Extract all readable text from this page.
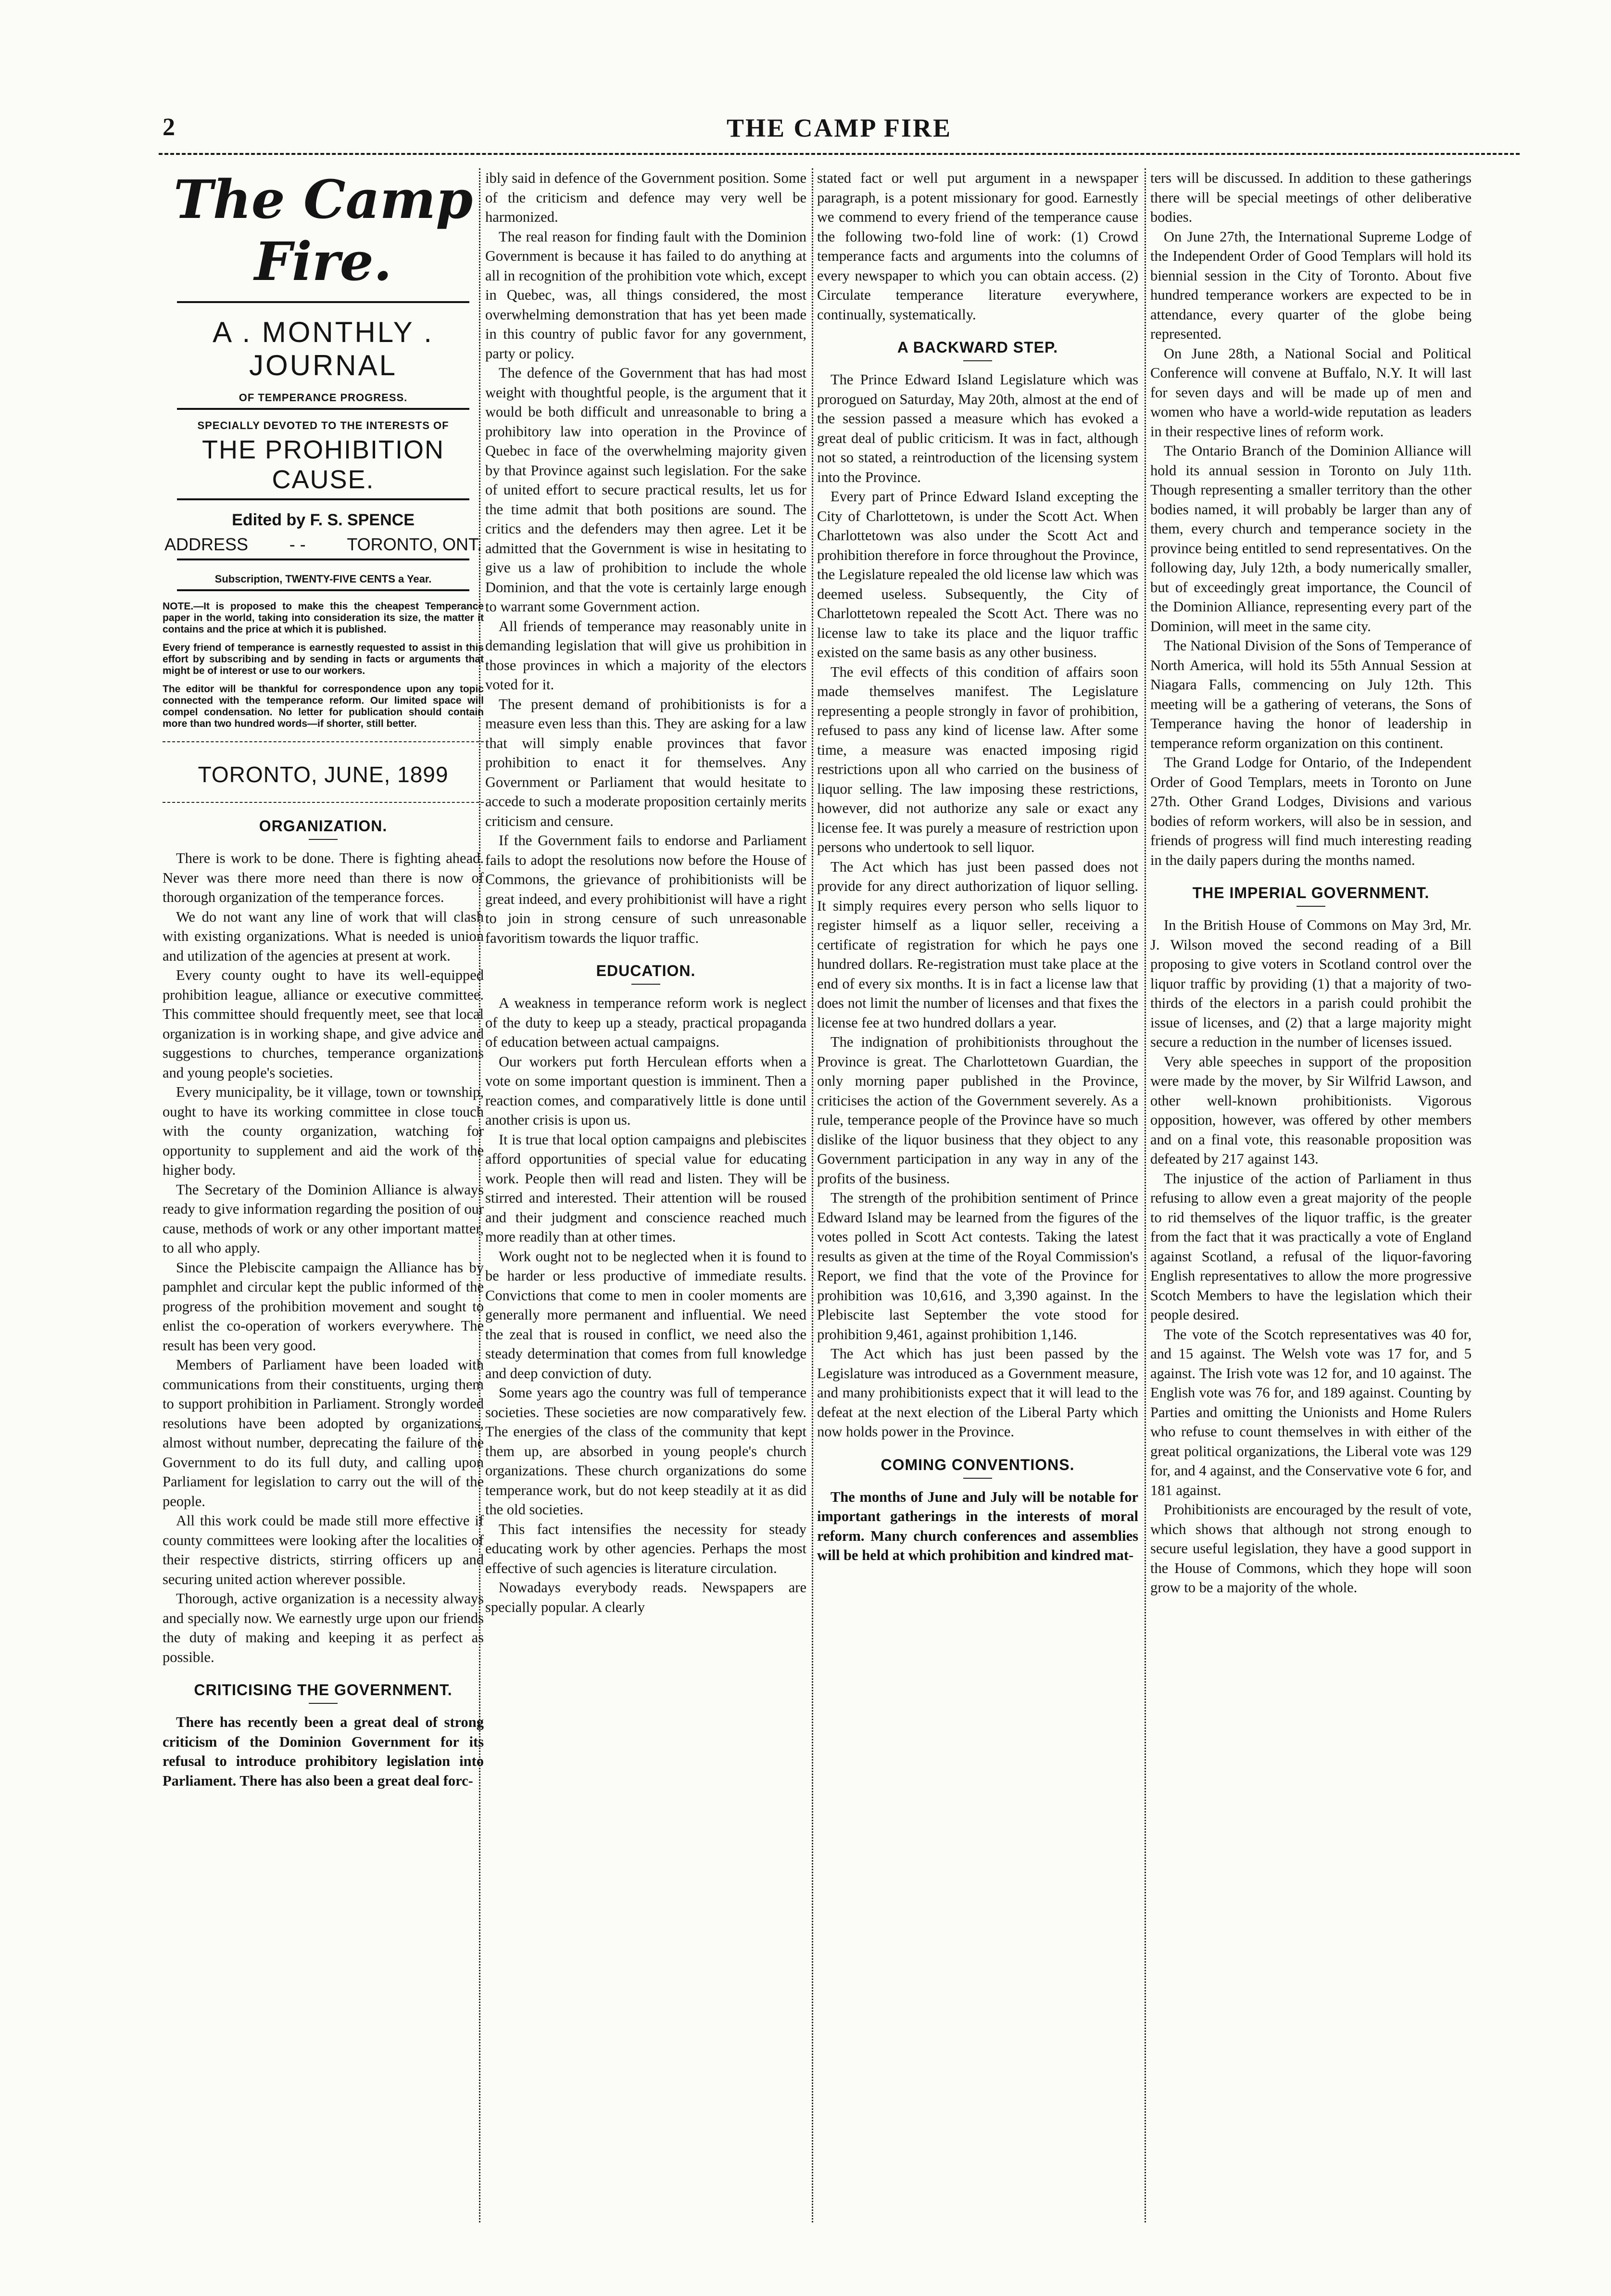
2	THE CAMP FIRE
The Camp Fire.
A . MONTHLY . JOURNAL
OF TEMPERANCE PROGRESS.
SPECIALLY DEVOTED TO THE INTERESTS OF
THE PROHIBITION CAUSE.
Edited by F. S. SPENCE
ADDRESS - - TORONTO, ONT.
Subscription, TWENTY-FIVE CENTS a Year.

NOTE.—It is proposed to make this the cheapest Temperance paper in the world, taking into consideration its size, the matter it contains and the price at which it is published.

Every friend of temperance is earnestly requested to assist in this effort by subscribing and by sending in facts or arguments that might be of interest or use to our workers.

The editor will be thankful for correspondence upon any topic connected with the temperance reform. Our limited space will compel condensation. No letter for publication should contain more than two hundred words—if shorter, still better.

TORONTO, JUNE, 1899
ORGANIZATION.

There is work to be done. There is fighting ahead. Never was there more need than there is now of thorough organization of the temperance forces.

We do not want any line of work that will clash with existing organizations. What is needed is union and utilization of the agencies at present at work.

Every county ought to have its well-equipped prohibition league, alliance or executive committee. This committee should frequently meet, see that local organization is in working shape, and give advice and suggestions to churches, temperance organizations and young people's societies.

Every municipality, be it village, town or township, ought to have its working committee in close touch with the county organization, watching for opportunity to supplement and aid the work of the higher body.

The Secretary of the Dominion Alliance is always ready to give information regarding the position of our cause, methods of work or any other important matter, to all who apply.

Since the Plebiscite campaign the Alliance has by pamphlet and circular kept the public informed of the progress of the prohibition movement and sought to enlist the co-operation of workers everywhere. The result has been very good.

Members of Parliament have been loaded with communications from their constituents, urging them to support prohibition in Parliament. Strongly worded resolutions have been adopted by organizations, almost without number, deprecating the failure of the Government to do its full duty, and calling upon Parliament for legislation to carry out the will of the people.

All this work could be made still more effective if county committees were looking after the localities of their respective districts, stirring officers up and securing united action wherever possible.

Thorough, active organization is a necessity always and specially now. We earnestly urge upon our friends the duty of making and keeping it as perfect as possible.

CRITICISING THE GOVERNMENT.

There has recently been a great deal of strong criticism of the Dominion Government for its refusal to introduce prohibitory legislation into Parliament. There has also been a great deal forc-

ibly said in defence of the Government position. Some of the criticism and defence may very well be harmonized.

The real reason for finding fault with the Dominion Government is because it has failed to do anything at all in recognition of the prohibition vote which, except in Quebec, was, all things considered, the most overwhelming demonstration that has yet been made in this country of public favor for any government, party or policy.

The defence of the Government that has had most weight with thoughtful people, is the argument that it would be both difficult and unreasonable to bring a prohibitory law into operation in the Province of Quebec in face of the overwhelming majority given by that Province against such legislation. For the sake of united effort to secure practical results, let us for the time admit that both positions are sound. The critics and the defenders may then agree. Let it be admitted that the Government is wise in hesitating to give us a law of prohibition to include the whole Dominion, and that the vote is certainly large enough to warrant some Government action.

All friends of temperance may reasonably unite in demanding legislation that will give us prohibition in those provinces in which a majority of the electors voted for it.

The present demand of prohibitionists is for a measure even less than this. They are asking for a law that will simply enable provinces that favor prohibition to enact it for themselves. Any Government or Parliament that would hesitate to accede to such a moderate proposition certainly merits criticism and censure.

If the Government fails to endorse and Parliament fails to adopt the resolutions now before the House of Commons, the grievance of prohibitionists will be great indeed, and every prohibitionist will have a right to join in strong censure of such unreasonable favoritism towards the liquor traffic.

EDUCATION.

A weakness in temperance reform work is neglect of the duty to keep up a steady, practical propaganda of education between actual campaigns.

Our workers put forth Herculean efforts when a vote on some important question is imminent. Then a reaction comes, and comparatively little is done until another crisis is upon us.

It is true that local option campaigns and plebiscites afford opportunities of special value for educating work. People then will read and listen. They will be stirred and interested. Their attention will be roused and their judgment and conscience reached much more readily than at other times.

Work ought not to be neglected when it is found to be harder or less productive of immediate results. Convictions that come to men in cooler moments are generally more permanent and influential. We need the zeal that is roused in conflict, we need also the steady determination that comes from full knowledge and deep conviction of duty.

Some years ago the country was full of temperance societies. These societies are now comparatively few. The energies of the class of the community that kept them up, are absorbed in young people's church organizations. These church organizations do some temperance work, but do not keep steadily at it as did the old societies.

This fact intensifies the necessity for steady educating work by other agencies. Perhaps the most effective of such agencies is literature circulation.

Nowadays everybody reads. Newspapers are specially popular. A clearly

stated fact or well put argument in a newspaper paragraph, is a potent missionary for good. Earnestly we commend to every friend of the temperance cause the following two-fold line of work: (1) Crowd temperance facts and arguments into the columns of every newspaper to which you can obtain access. (2) Circulate temperance literature everywhere, continually, systematically.

A BACKWARD STEP.

The Prince Edward Island Legislature which was prorogued on Saturday, May 20th, almost at the end of the session passed a measure which has evoked a great deal of public criticism. It was in fact, although not so stated, a reintroduction of the licensing system into the Province.

Every part of Prince Edward Island excepting the City of Charlottetown, is under the Scott Act. When Charlottetown was also under the Scott Act and prohibition therefore in force throughout the Province, the Legislature repealed the old license law which was deemed useless. Subsequently, the City of Charlottetown repealed the Scott Act. There was no license law to take its place and the liquor traffic existed on the same basis as any other business.

The evil effects of this condition of affairs soon made themselves manifest. The Legislature representing a people strongly in favor of prohibition, refused to pass any kind of license law. After some time, a measure was enacted imposing rigid restrictions upon all who carried on the business of liquor selling. The law imposing these restrictions, however, did not authorize any sale or exact any license fee. It was purely a measure of restriction upon persons who undertook to sell liquor.

The Act which has just been passed does not provide for any direct authorization of liquor selling. It simply requires every person who sells liquor to register himself as a liquor seller, receiving a certificate of registration for which he pays one hundred dollars. Re-registration must take place at the end of every six months. It is in fact a license law that does not limit the number of licenses and that fixes the license fee at two hundred dollars a year.

The indignation of prohibitionists throughout the Province is great. The Charlottetown Guardian, the only morning paper published in the Province, criticises the action of the Government severely. As a rule, temperance people of the Province have so much dislike of the liquor business that they object to any Government participation in any way in any of the profits of the business.

The strength of the prohibition sentiment of Prince Edward Island may be learned from the figures of the votes polled in Scott Act contests. Taking the latest results as given at the time of the Royal Commission's Report, we find that the vote of the Province for prohibition was 10,616, and 3,390 against. In the Plebiscite last September the vote stood for prohibition 9,461, against prohibition 1,146.

The Act which has just been passed by the Legislature was introduced as a Government measure, and many prohibitionists expect that it will lead to the defeat at the next election of the Liberal Party which now holds power in the Province.

COMING CONVENTIONS.

The months of June and July will be notable for important gatherings in the interests of moral reform. Many church conferences and assemblies will be held at which prohibition and kindred mat-

ters will be discussed. In addition to these gatherings there will be special meetings of other deliberative bodies.

On June 27th, the International Supreme Lodge of the Independent Order of Good Templars will hold its biennial session in the City of Toronto. About five hundred temperance workers are expected to be in attendance, every quarter of the globe being represented.

On June 28th, a National Social and Political Conference will convene at Buffalo, N.Y. It will last for seven days and will be made up of men and women who have a world-wide reputation as leaders in their respective lines of reform work.

The Ontario Branch of the Dominion Alliance will hold its annual session in Toronto on July 11th. Though representing a smaller territory than the other bodies named, it will probably be larger than any of them, every church and temperance society in the province being entitled to send representatives. On the following day, July 12th, a body numerically smaller, but of exceedingly great importance, the Council of the Dominion Alliance, representing every part of the Dominion, will meet in the same city.

The National Division of the Sons of Temperance of North America, will hold its 55th Annual Session at Niagara Falls, commencing on July 12th. This meeting will be a gathering of veterans, the Sons of Temperance having the honor of leadership in temperance reform organization on this continent.

The Grand Lodge for Ontario, of the Independent Order of Good Templars, meets in Toronto on June 27th. Other Grand Lodges, Divisions and various bodies of reform workers, will also be in session, and friends of progress will find much interesting reading in the daily papers during the months named.

THE IMPERIAL GOVERNMENT.

In the British House of Commons on May 3rd, Mr. J. Wilson moved the second reading of a Bill proposing to give voters in Scotland control over the liquor traffic by providing (1) that a majority of two-thirds of the electors in a parish could prohibit the issue of licenses, and (2) that a large majority might secure a reduction in the number of licenses issued.

Very able speeches in support of the proposition were made by the mover, by Sir Wilfrid Lawson, and other well-known prohibitionists. Vigorous opposition, however, was offered by other members and on a final vote, this reasonable proposition was defeated by 217 against 143.

The injustice of the action of Parliament in thus refusing to allow even a great majority of the people to rid themselves of the liquor traffic, is the greater from the fact that it was practically a vote of England against Scotland, a refusal of the liquor-favoring English representatives to allow the more progressive Scotch Members to have the legislation which their people desired.

The vote of the Scotch representatives was 40 for, and 15 against. The Welsh vote was 17 for, and 5 against. The Irish vote was 12 for, and 10 against. The English vote was 76 for, and 189 against. Counting by Parties and omitting the Unionists and Home Rulers who refuse to count themselves in with either of the great political organizations, the Liberal vote was 129 for, and 4 against, and the Conservative vote 6 for, and 181 against.

Prohibitionists are encouraged by the result of vote, which shows that although not strong enough to secure useful legislation, they have a good support in the House of Commons, which they hope will soon grow to be a majority of the whole.
